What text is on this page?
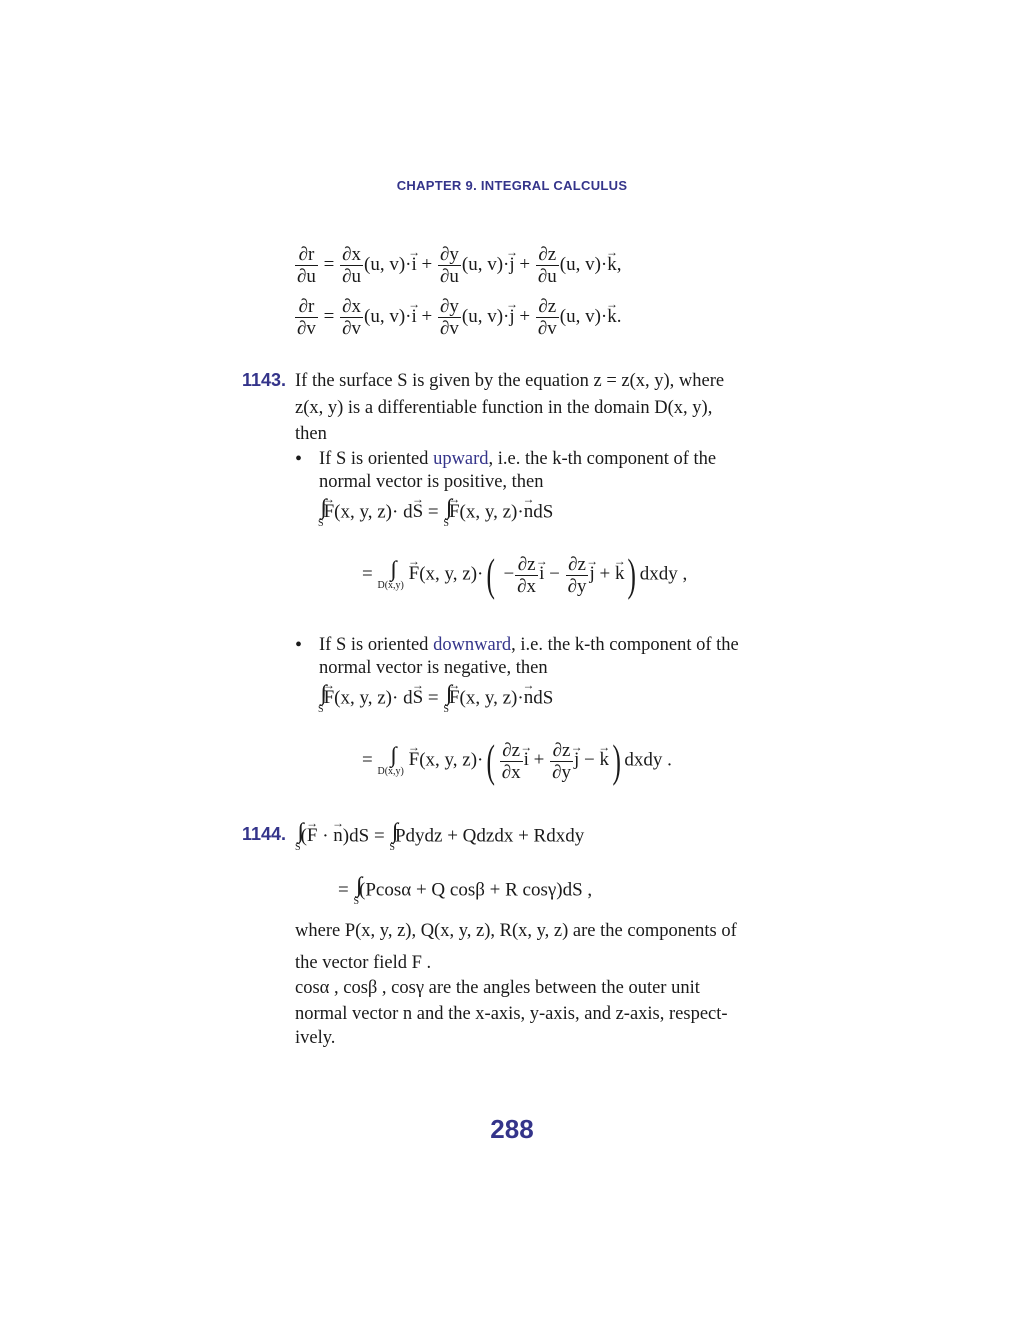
CHAPTER 9. INTEGRAL CALCULUS
$\frac{\partial r}{\partial u} = \frac{\partial x}{\partial u} (u$, $v)\cdot\to i + \frac{\partial y}{\partial u} (u$, $v)\cdot\to j + \frac{\partial z}{\partial u} (u$, v)·→ k,
$\frac{\partial r}{\partial v} = \frac{\partial x}{\partial v} (u$, $v)\cdot\to i + \frac{\partial y}{\partial v} (u$, $v)\cdot\to j + \frac{\partial z}{\partial v} (u$, v)·→ k.
1143. If the surface S is given by the equation z = z(x, y), where
z(x, y) is a differentiable function in the domain D(x, y),
then
• If S is oriented upward, i.e. the k-th component of the
normal vector is positive, then
∫∫
S
→ F(x, y, z)· d→ S = ∫∫
S
→ F(x, y, z)·→ ndS
= ∫∫
D(x,y)
→ F(x, y, $z)\cdot( - \frac{\partial z}{\partial x}$
→ $i - \frac{\partial z}{\partial y}$
→ j + → k) dxdy ,
• If S is oriented downward, i.e. the k-th component of the
normal vector is negative, then
∫∫
S
→ F(x, y, z)· d→ S = ∫∫
S
→ F(x, y, z)·→ ndS
= ∫∫
D(x,y)
→ F(x, y, $z)\cdot( \frac{\partial z}{\partial x}$
→ $i + \frac{\partial z}{\partial y}$
→ j − → k) dxdy .
1144. ∫∫
S
(→ F · → n)dS = ∫∫
S
Pdydz + Qdzdx + Rdxdy
= ∫∫
S
(Pcosα + Q cosβ + R cosγ)dS ,
where P(x, y, z), Q(x, y, z), R(x, y, z) are the components of
the vector field F .
cosα , cosβ , cosγ are the angles between the outer unit
normal vector n and the x-axis, y-axis, and z-axis, respect-
ively.
288
